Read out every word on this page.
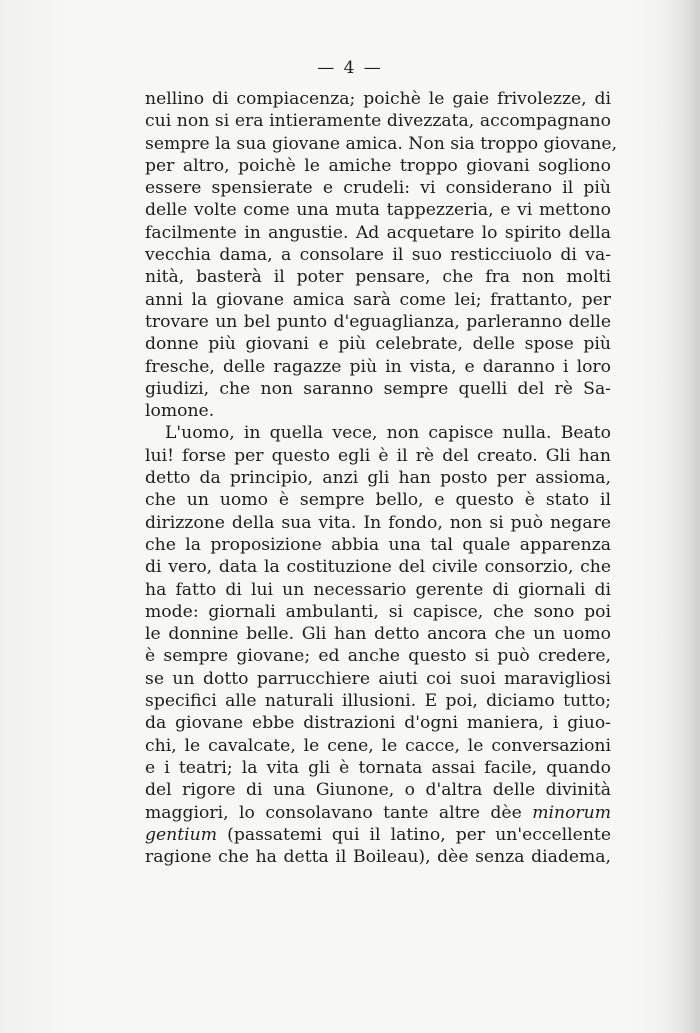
— 4 —
nellino di compiacenza; poichè le gaie frivolezze, di
cui non si era intieramente divezzata, accompagnano
sempre la sua giovane amica. Non sia troppo giovane,
per altro, poichè le amiche troppo giovani sogliono
essere spensierate e crudeli: vi considerano il più
delle volte come una muta tappezzeria, e vi mettono
facilmente in angustie. Ad acquetare lo spirito della
vecchia dama, a consolare il suo resticciuolo di va-
nità, basterà il poter pensare, che fra non molti
anni la giovane amica sarà come lei; frattanto, per
trovare un bel punto d'eguaglianza, parleranno delle
donne più giovani e più celebrate, delle spose più
fresche, delle ragazze più in vista, e daranno i loro
giudizi, che non saranno sempre quelli del rè Sa-
lomone.
L'uomo, in quella vece, non capisce nulla. Beato
lui! forse per questo egli è il rè del creato. Gli han
detto da principio, anzi gli han posto per assioma,
che un uomo è sempre bello, e questo è stato il
dirizzone della sua vita. In fondo, non si può negare
che la proposizione abbia una tal quale apparenza
di vero, data la costituzione del civile consorzio, che
ha fatto di lui un necessario gerente di giornali di
mode: giornali ambulanti, si capisce, che sono poi
le donnine belle. Gli han detto ancora che un uomo
è sempre giovane; ed anche questo si può credere,
se un dotto parrucchiere aiuti coi suoi maravigliosi
specifici alle naturali illusioni. E poi, diciamo tutto;
da giovane ebbe distrazioni d'ogni maniera, i giuo-
chi, le cavalcate, le cene, le cacce, le conversazioni
e i teatri; la vita gli è tornata assai facile, quando
del rigore di una Giunone, o d'altra delle divinità
maggiori, lo consolavano tante altre dèe minorum
gentium (passatemi qui il latino, per un'eccellente
ragione che ha detta il Boileau), dèe senza diadema,
